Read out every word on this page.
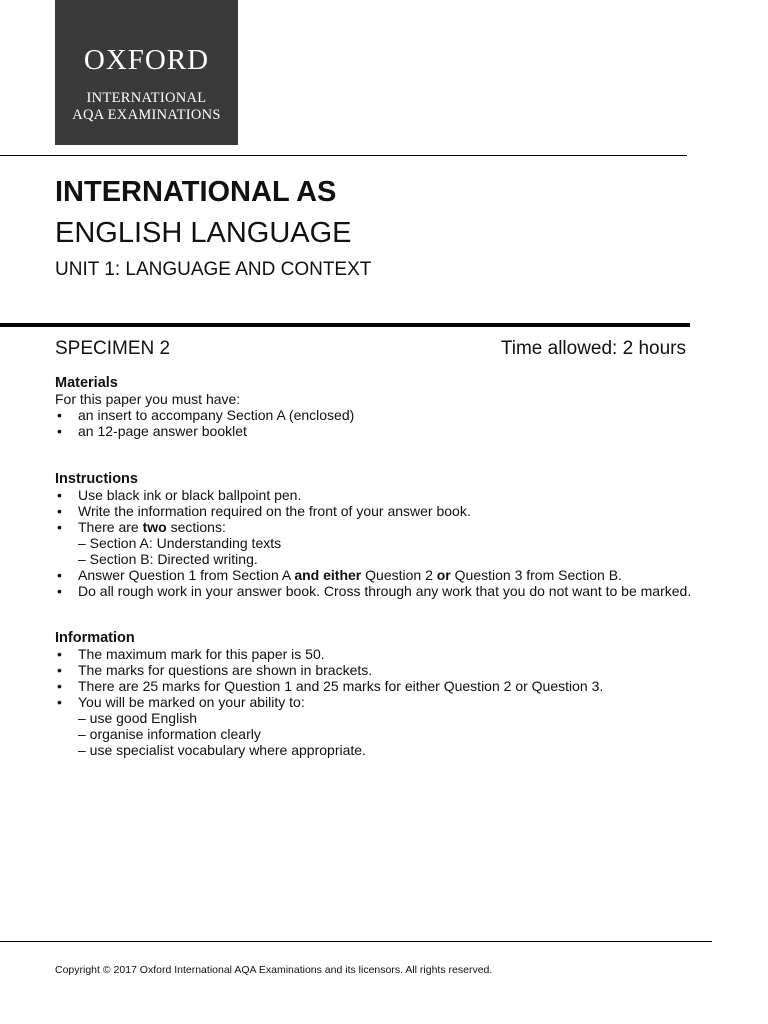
OXFORD
INTERNATIONAL
AQA EXAMINATIONS
INTERNATIONAL AS
ENGLISH LANGUAGE
UNIT 1: LANGUAGE AND CONTEXT
SPECIMEN 2	Time allowed: 2 hours
Materials
For this paper you must have:
• an insert to accompany Section A (enclosed)
• an 12-page answer booklet
Instructions
• Use black ink or black ballpoint pen.
• Write the information required on the front of your answer book.
• There are two sections:
– Section A: Understanding texts
– Section B: Directed writing.
• Answer Question 1 from Section A and either Question 2 or Question 3 from Section B.
• Do all rough work in your answer book. Cross through any work that you do not want to be marked.
Information
• The maximum mark for this paper is 50.
• The marks for questions are shown in brackets.
• There are 25 marks for Question 1 and 25 marks for either Question 2 or Question 3.
• You will be marked on your ability to:
– use good English
– organise information clearly
– use specialist vocabulary where appropriate.
Copyright © 2017 Oxford International AQA Examinations and its licensors. All rights reserved.
